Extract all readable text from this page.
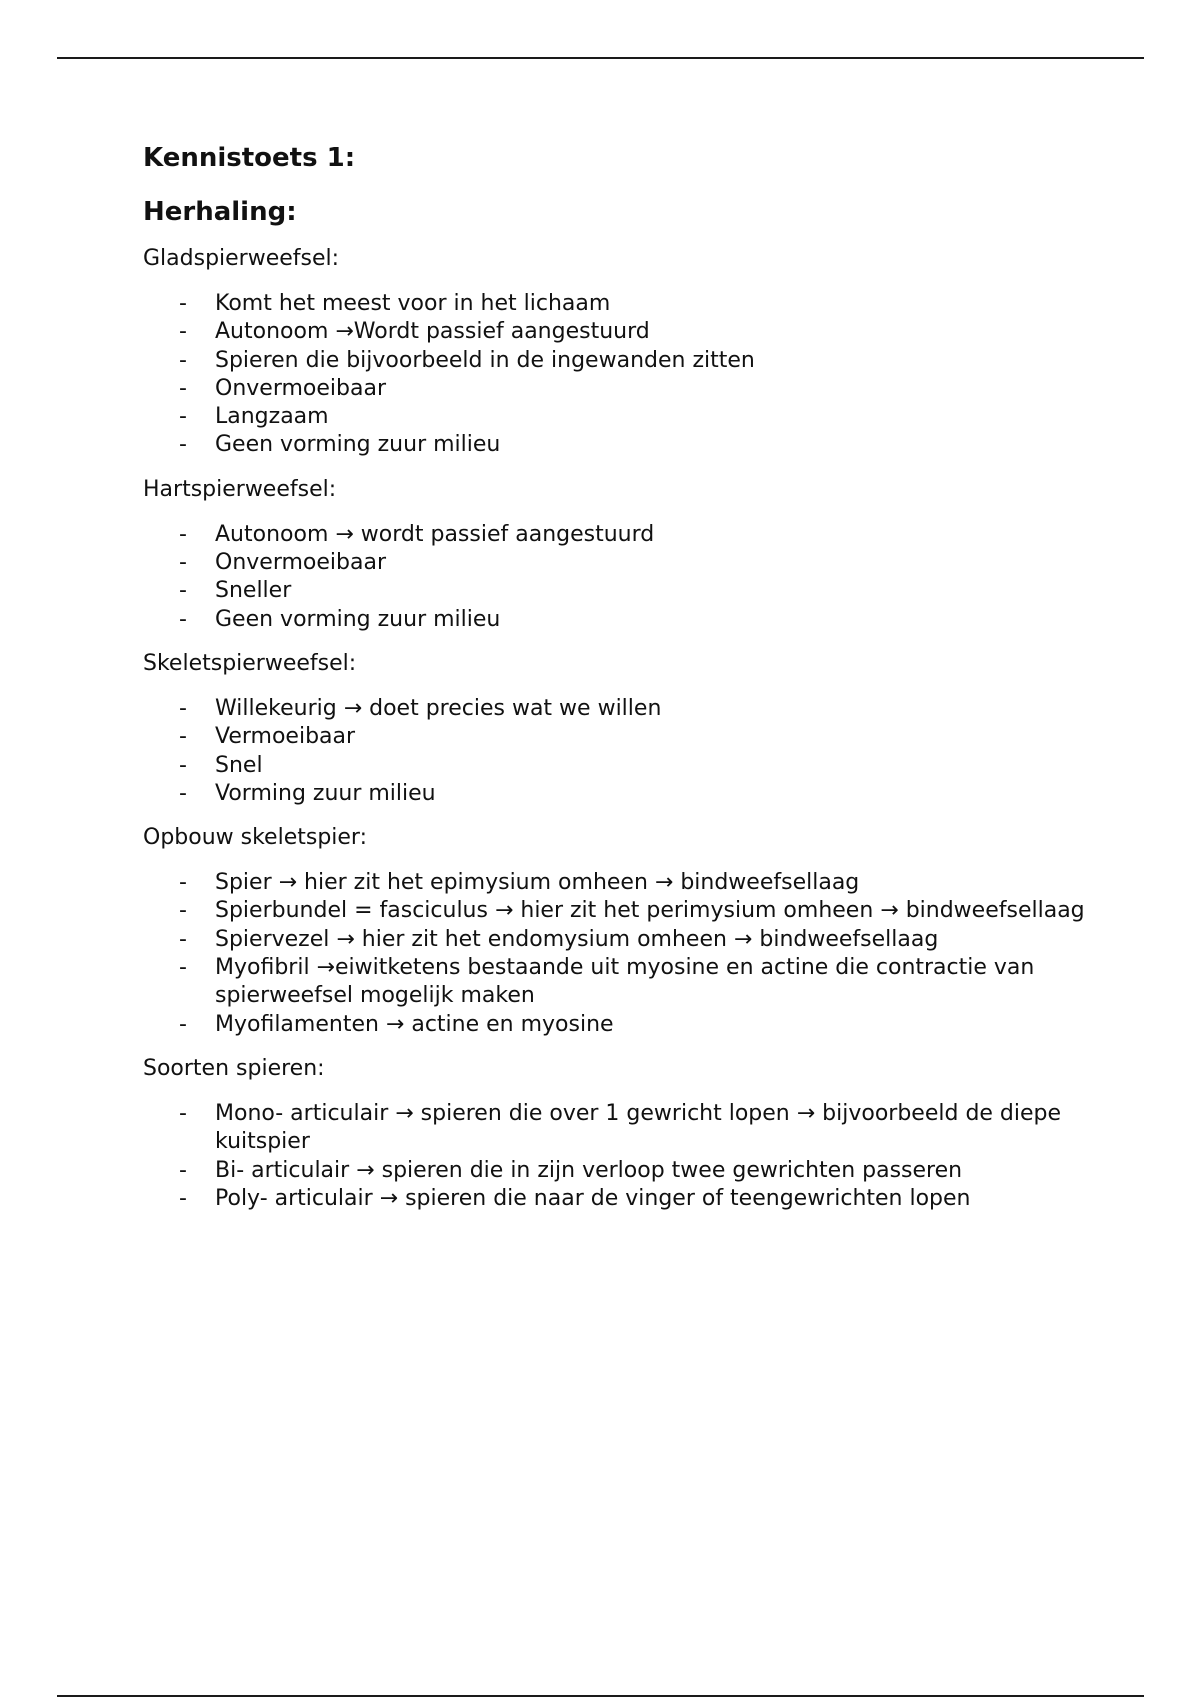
Kennistoets 1:
Herhaling:
Gladspierweefsel:
-	Komt het meest voor in het lichaam
-	Autonoom →Wordt passief aangestuurd
-	Spieren die bijvoorbeeld in de ingewanden zitten
-	Onvermoeibaar
-	Langzaam
-	Geen vorming zuur milieu
Hartspierweefsel:
-	Autonoom → wordt passief aangestuurd
-	Onvermoeibaar
-	Sneller
-	Geen vorming zuur milieu
Skeletspierweefsel:
-	Willekeurig → doet precies wat we willen
-	Vermoeibaar
-	Snel
-	Vorming zuur milieu
Opbouw skeletspier:
-	Spier → hier zit het epimysium omheen → bindweefsellaag
-	Spierbundel = fasciculus → hier zit het perimysium omheen → bindweefsellaag
-	Spiervezel → hier zit het endomysium omheen → bindweefsellaag
-	Myofibril →eiwitketens bestaande uit myosine en actine die contractie van spierweefsel mogelijk maken
-	Myofilamenten → actine en myosine
Soorten spieren:
-	Mono- articulair → spieren die over 1 gewricht lopen → bijvoorbeeld de diepe kuitspier
-	Bi- articulair → spieren die in zijn verloop twee gewrichten passeren
-	Poly- articulair → spieren die naar de vinger of teengewrichten lopen
